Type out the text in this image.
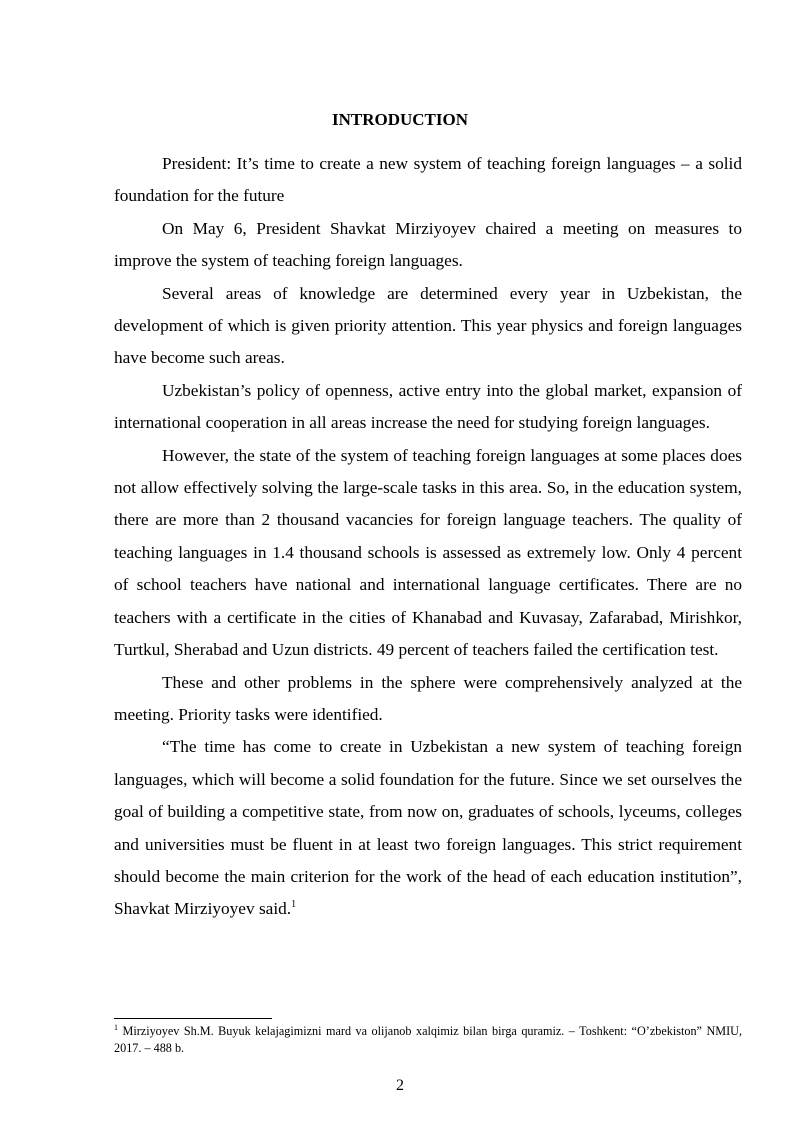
INTRODUCTION

President: It’s time to create a new system of teaching foreign languages – a solid foundation for the future

On May 6, President Shavkat Mirziyoyev chaired a meeting on measures to improve the system of teaching foreign languages.

Several areas of knowledge are determined every year in Uzbekistan, the development of which is given priority attention. This year physics and foreign languages have become such areas.

Uzbekistan’s policy of openness, active entry into the global market, expansion of international cooperation in all areas increase the need for studying foreign languages.

However, the state of the system of teaching foreign languages at some places does not allow effectively solving the large-scale tasks in this area. So, in the education system, there are more than 2 thousand vacancies for foreign language teachers. The quality of teaching languages in 1.4 thousand schools is assessed as extremely low. Only 4 percent of school teachers have national and international language certificates. There are no teachers with a certificate in the cities of Khanabad and Kuvasay, Zafarabad, Mirishkor, Turtkul, Sherabad and Uzun districts. 49 percent of teachers failed the certification test.

These and other problems in the sphere were comprehensively analyzed at the meeting. Priority tasks were identified.

“The time has come to create in Uzbekistan a new system of teaching foreign languages, which will become a solid foundation for the future. Since we set ourselves the goal of building a competitive state, from now on, graduates of schools, lyceums, colleges and universities must be fluent in at least two foreign languages. This strict requirement should become the main criterion for the work of the head of each education institution”, Shavkat Mirziyoyev said.$^1$

$^1$ Mirziyoyev Sh.M. Buyuk kelajagimizni mard va olijanob xalqimiz bilan birga quramiz. – Toshkent: “O’zbekiston” NMIU, 2017. – 488 b.
2
